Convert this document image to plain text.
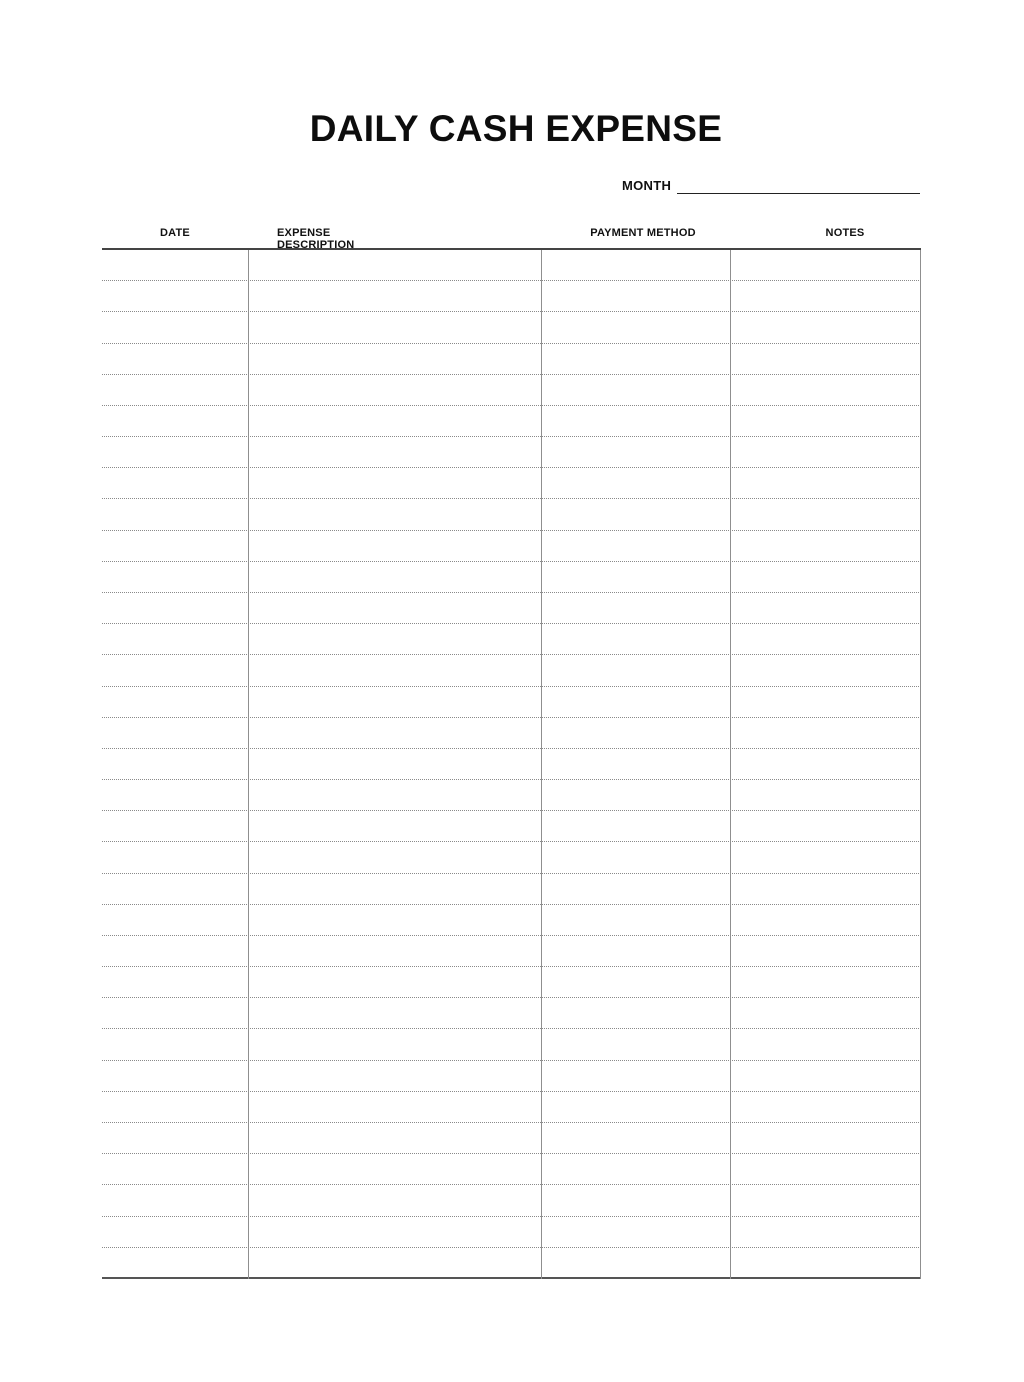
DAILY CASH EXPENSE
MONTH
DATE	EXPENSE DESCRIPTION
PAYMENT METHOD	NOTES
